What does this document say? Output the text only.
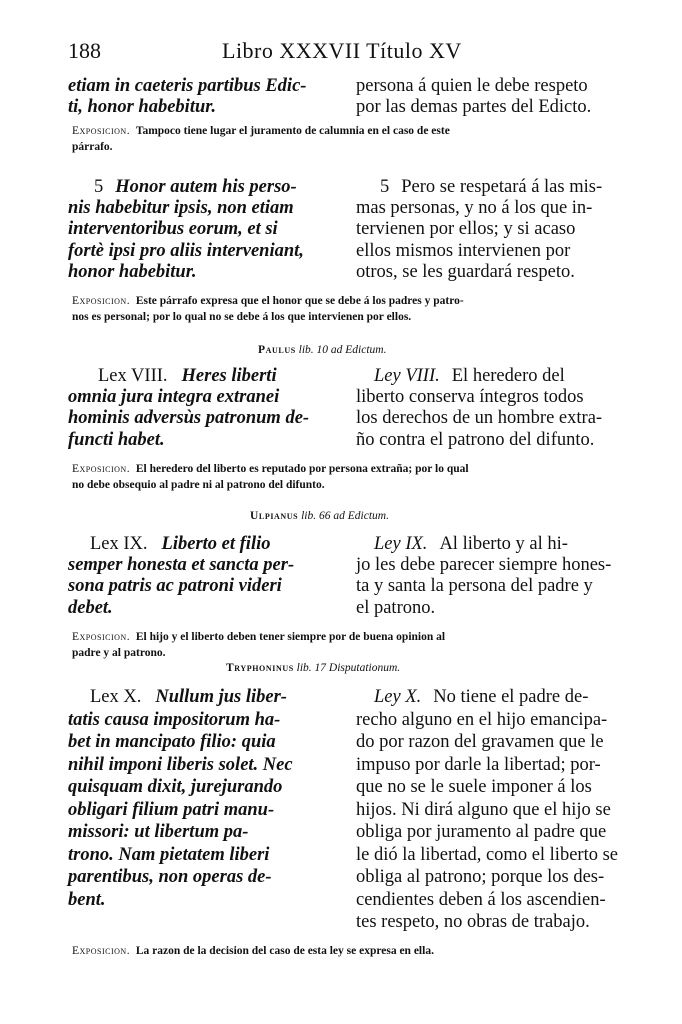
188	Libro XXXVII Título XV
etiam in caeteris partibus Edic-
ti, honor habebitur.
persona á quien le debe respeto
por las demas partes del Edicto.
Exposicion. Tampoco tiene lugar el juramento de calumnia en el caso de este
párrafo.
5 Honor autem his perso-
nis habebitur ipsis, non etiam
interventoribus eorum, et si
fortè ipsi pro aliis interveniant,
honor habebitur.
5 Pero se respetará á las mis-
mas personas, y no á los que in-
tervienen por ellos; y si acaso
ellos mismos intervienen por
otros, se les guardará respeto.
Exposicion. Este párrafo expresa que el honor que se debe á los padres y patro-
nos es personal; por lo qual no se debe á los que intervienen por ellos.
Paulus lib. 10 ad Edictum.
Lex VIII. Heres liberti
omnia jura integra extranei
hominis adversùs patronum de-
functi habet.
Ley VIII. El heredero del
liberto conserva íntegros todos
los derechos de un hombre extra-
ño contra el patrono del difunto.
Exposicion. El heredero del liberto es reputado por persona extraña; por lo qual
no debe obsequio al padre ni al patrono del difunto.
Ulpianus lib. 66 ad Edictum.
Lex IX. Liberto et filio
semper honesta et sancta per-
sona patris ac patroni videri
debet.
Ley IX. Al liberto y al hi-
jo les debe parecer siempre hones-
ta y santa la persona del padre y
el patrono.
Exposicion. El hijo y el liberto deben tener siempre por de buena opinion al
padre y al patrono.
Tryphoninus lib. 17 Disputationum.
Lex X. Nullum jus liber-
tatis causa impositorum ha-
bet in mancipato filio: quia
nihil imponi liberis solet. Nec
quisquam dixit, jurejurando
obligari filium patri manu-
missori: ut libertum pa-
trono. Nam pietatem liberi
parentibus, non operas de-
bent.
Ley X. No tiene el padre de-
recho alguno en el hijo emancipa-
do por razon del gravamen que le
impuso por darle la libertad; por-
que no se le suele imponer á los
hijos. Ni dirá alguno que el hijo se
obliga por juramento al padre que
le dió la libertad, como el liberto se
obliga al patrono; porque los des-
cendientes deben á los ascendien-
tes respeto, no obras de trabajo.
Exposicion. La razon de la decision del caso de esta ley se expresa en ella.
